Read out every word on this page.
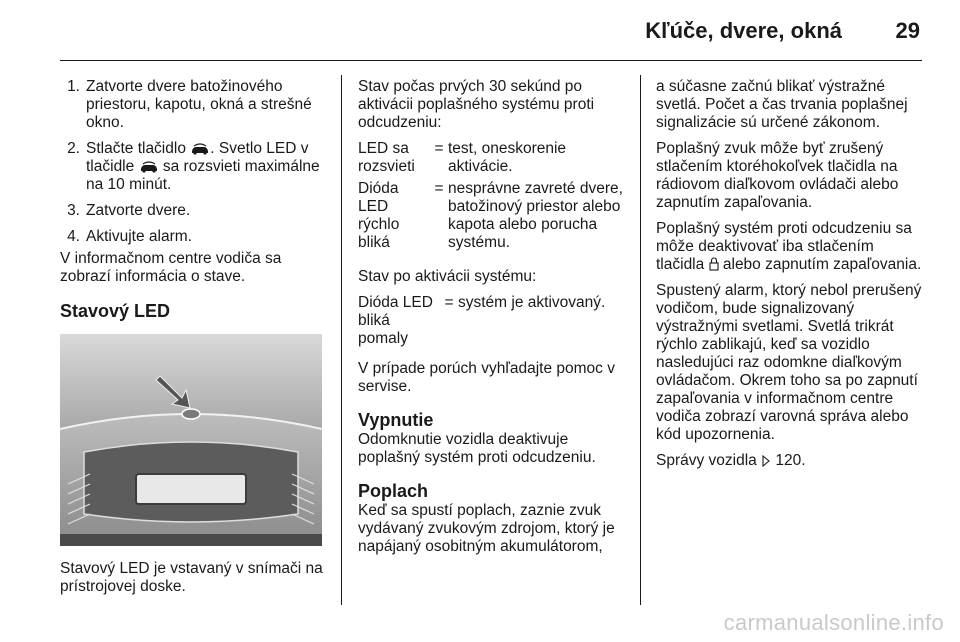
Kľúče, dvere, okná 29
1. Zatvorte dvere batožinového priestoru, kapotu, okná a strešné okno.
2. Stlačte tlačidlo . Svetlo LED v tlačidle sa rozsvieti maximálne na 10 minút.
3. Zatvorte dvere.
4. Aktivujte alarm.
V informačnom centre vodiča sa zobrazí informácia o stave.
Stavový LED
Stavový LED je vstavaný v snímači na prístrojovej doske.
Stav počas prvých 30 sekúnd po aktivácii poplašného systému proti odcudzeniu:
LED sa rozsvieti
= test, oneskorenie aktivácie.
Dióda LED rýchlo bliká
= nesprávne zavreté dvere, batožinový priestor alebo kapota alebo porucha systému.
Stav po aktivácii systému:
Dióda LED bliká pomaly
= systém je aktivovaný.
V prípade porúch vyhľadajte pomoc v servise.
Vypnutie
Odomknutie vozidla deaktivuje poplašný systém proti odcudzeniu.
Poplach
Keď sa spustí poplach, zaznie zvuk vydávaný zvukovým zdrojom, ktorý je napájaný osobitným akumulátorom,
a súčasne začnú blikať výstražné svetlá. Počet a čas trvania poplašnej signalizácie sú určené zákonom.
Poplašný zvuk môže byť zrušený stlačením ktoréhokoľvek tlačidla na rádiovom diaľkovom ovládači alebo zapnutím zapaľovania.
Poplašný systém proti odcudzeniu sa môže deaktivovať iba stlačením tlačidla alebo zapnutím zapaľovania.
Spustený alarm, ktorý nebol prerušený vodičom, bude signalizovaný výstražnými svetlami. Svetlá trikrát rýchlo zablikajú, keď sa vozidlo nasledujúci raz odomkne diaľkovým ovládačom. Okrem toho sa po zapnutí zapaľovania v informačnom centre vodiča zobrazí varovná správa alebo kód upozornenia.
Správy vozidla 120.
carmanualsonline.info
